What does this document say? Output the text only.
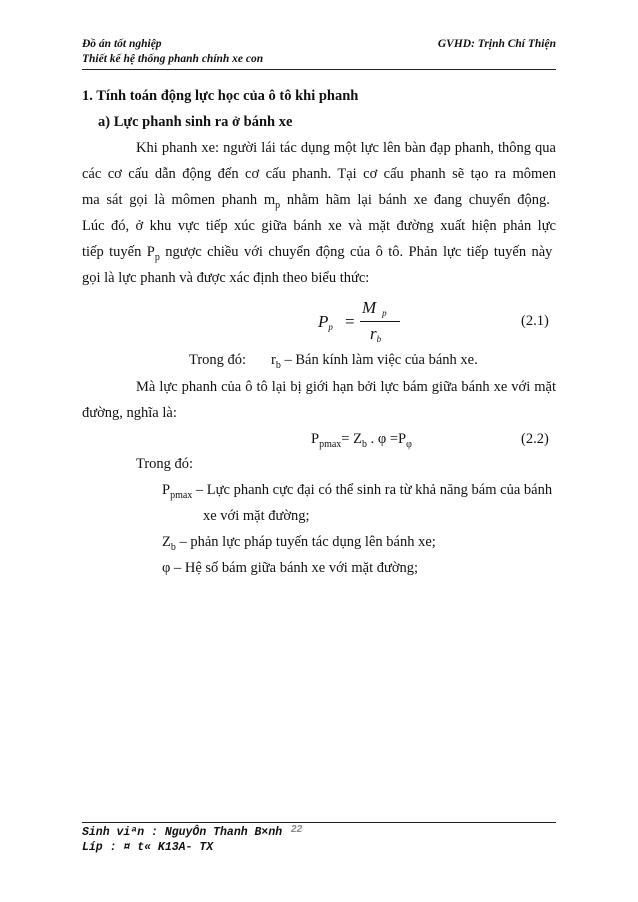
Đồ án tốt nghiệp	GVHD: Trịnh Chí Thiện
Thiết kế hệ thống phanh chính xe con
1. Tính toán động lực học của ô tô khi phanh
a) Lực phanh sinh ra ở bánh xe
Khi phanh xe: người lái tác dụng một lực lên bàn đạp phanh, thông qua
các cơ cấu dẫn động đến cơ cấu phanh. Tại cơ cấu phanh sẽ tạo ra mômen
ma sát gọi là mômen phanh $m_p$ nhằm hãm lại bánh xe đang chuyển động.
Lúc đó, ở khu vực tiếp xúc giữa bánh xe và mặt đường xuất hiện phản lực
tiếp tuyến $P_p$ ngược chiều với chuyển động của ô tô. Phản lực tiếp tuyến này
gọi là lực phanh và được xác định theo biểu thức:
Pp =
Mp
rb
(2.1)
Trong đó: $r_b$ – Bán kính làm việc của bánh xe.
Mà lực phanh của ô tô lại bị giới hạn bởi lực bám giữa bánh xe với mặt
đường, nghĩa là:
$P_{pmax}= Z_b$ . $\varphi =P_\varphi$	(2.2)
Trong đó:
$P_{pmax}$ – Lực phanh cực đại có thể sinh ra từ khả năng bám của bánh
xe với mặt đường;
$Z_b$ – phản lực pháp tuyến tác dụng lên bánh xe;
φ – Hệ số bám giữa bánh xe với mặt đường;
Sinh viªn : NguyÔn Thanh B×nh 22
Líp : ¤ t« K13A- TX
